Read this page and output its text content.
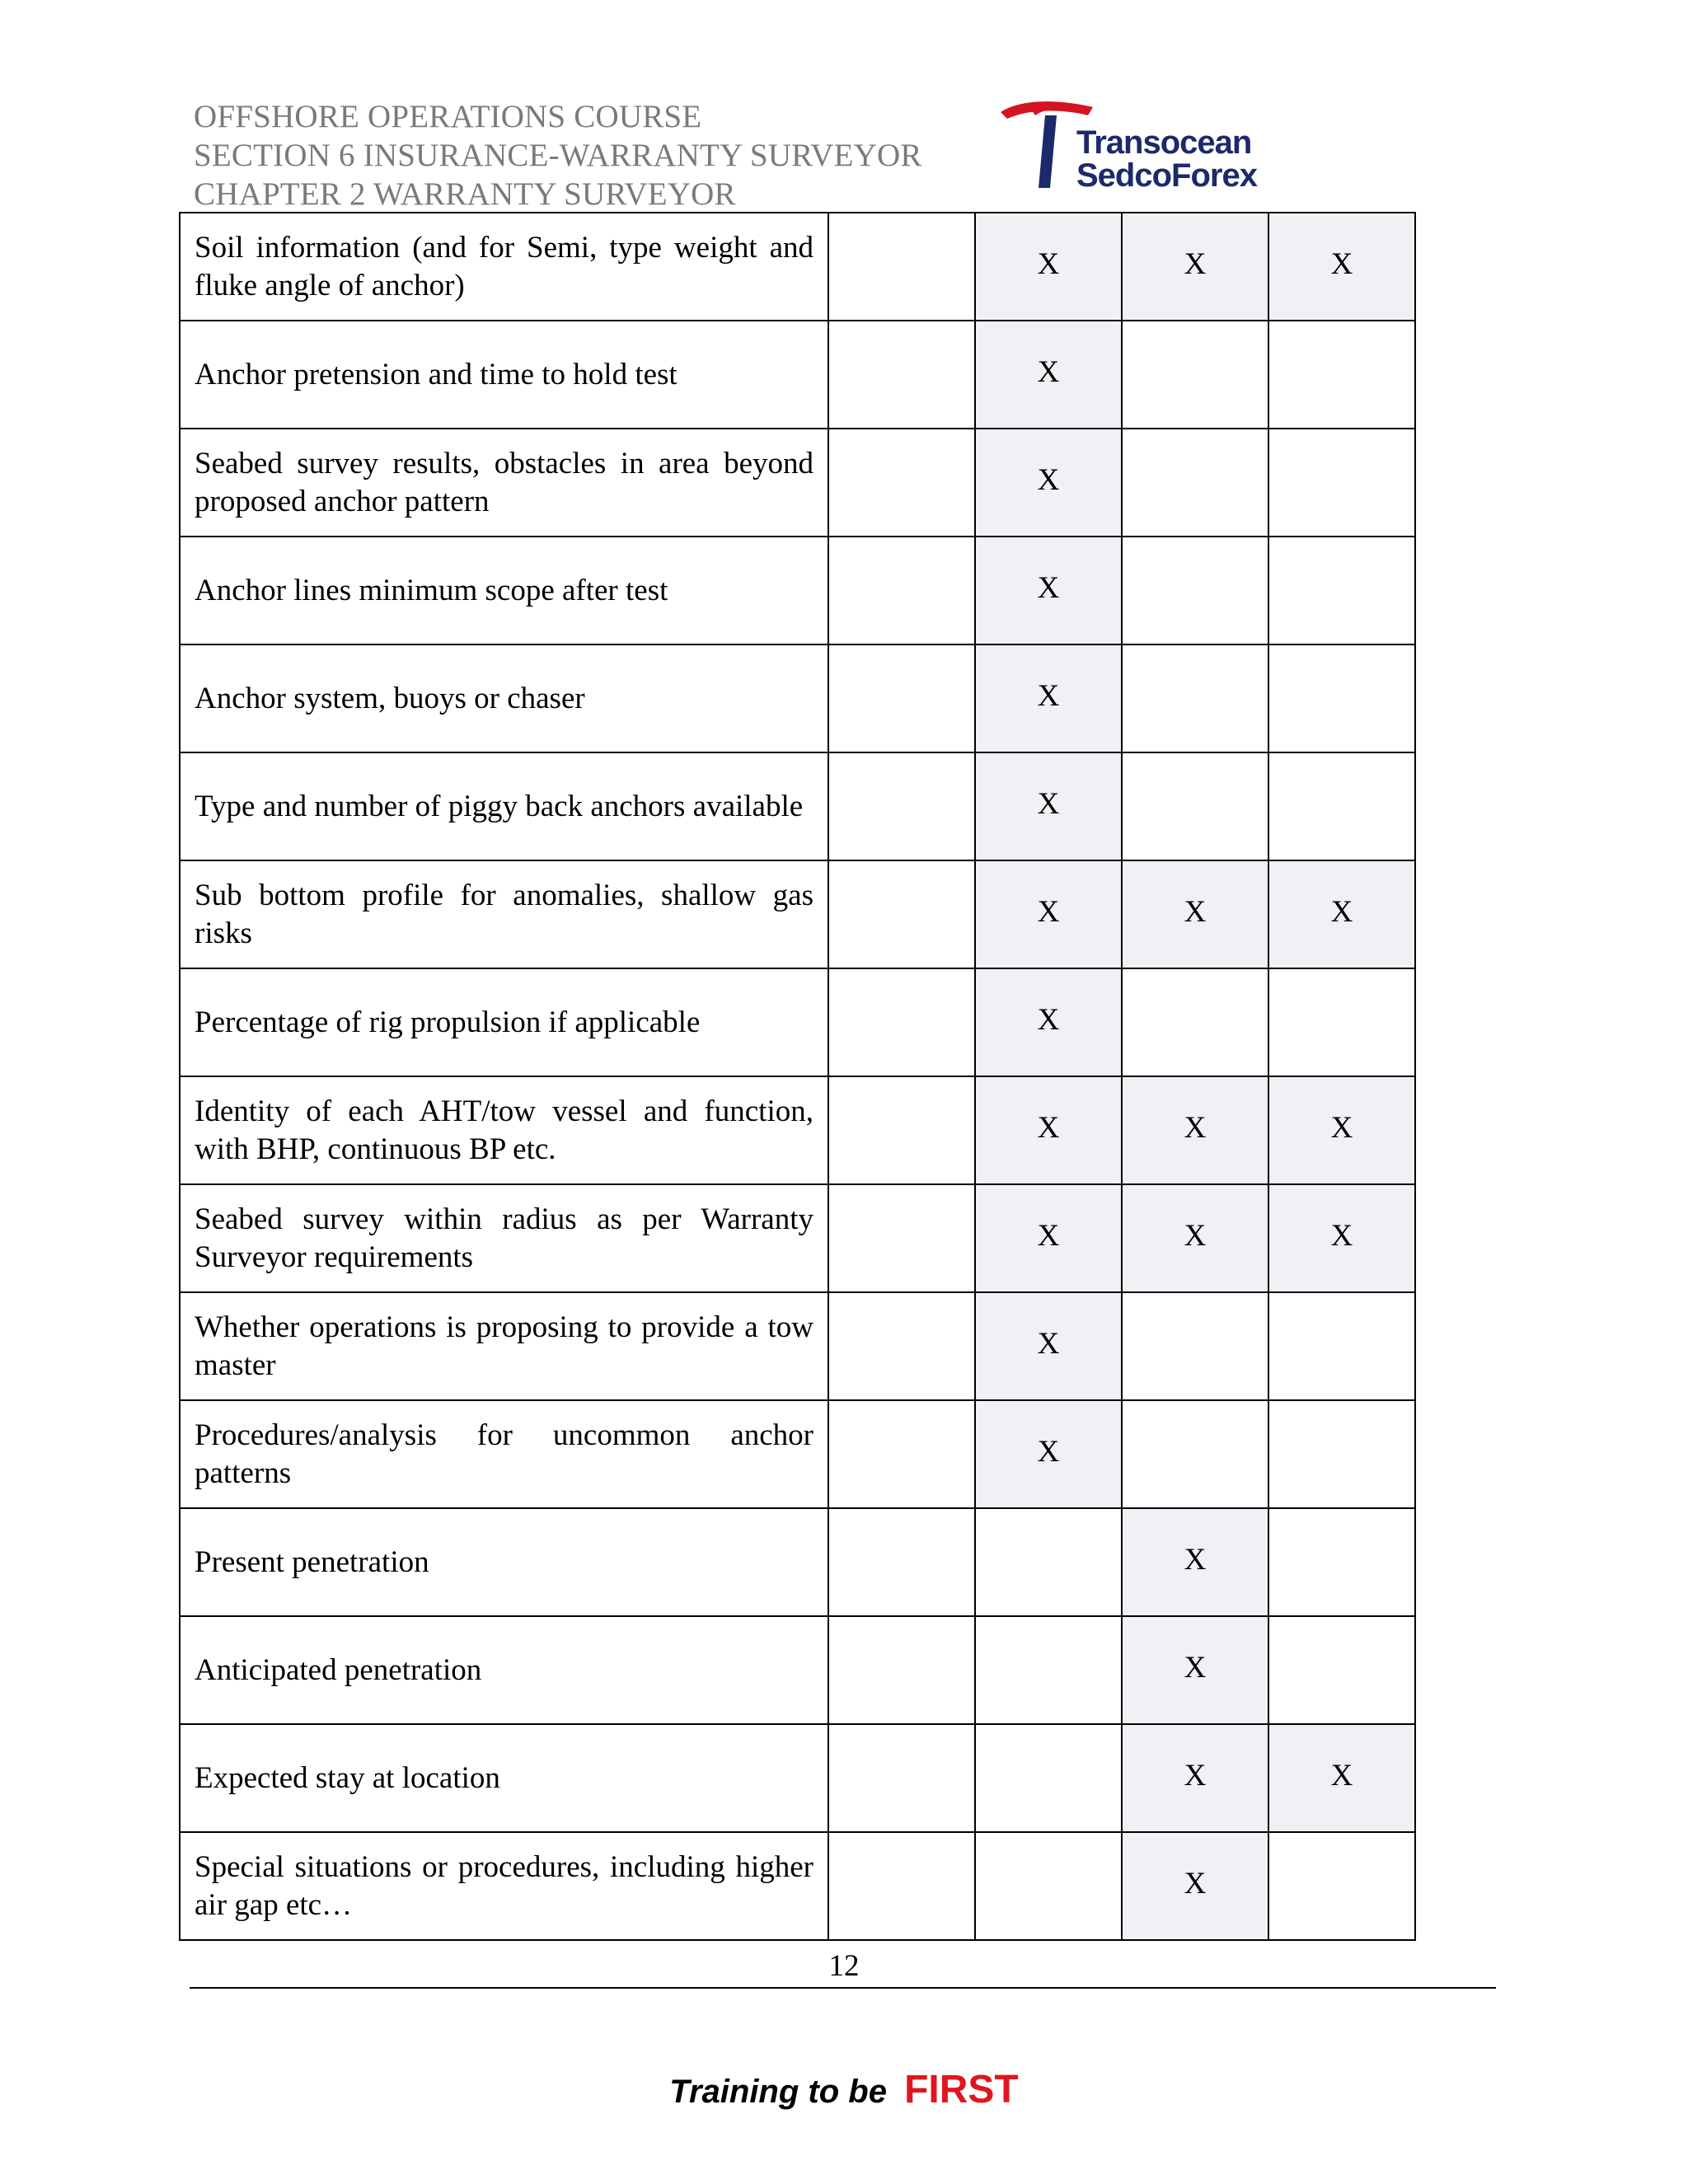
OFFSHORE OPERATIONS COURSE
SECTION 6 INSURANCE-WARRANTY SURVEYOR
CHAPTER 2 WARRANTY SURVEYOR
Transocean
SedcoForex
Soil information (and for Semi, type weight and fluke angle of anchor)		X	X	X
Anchor pretension and time to hold test		X		
Seabed survey results, obstacles in area beyond proposed anchor pattern		X		
Anchor lines minimum scope after test		X		
Anchor system, buoys or chaser		X		
Type and number of piggy back anchors available		X		
Sub bottom profile for anomalies, shallow gas risks		X	X	X
Percentage of rig propulsion if applicable		X		
Identity of each AHT/tow vessel and function, with BHP, continuous BP etc.		X	X	X
Seabed survey within radius as per Warranty Surveyor requirements		X	X	X
Whether operations is proposing to provide a tow master		X		
Procedures/analysis for uncommon anchor patterns		X		
Present penetration			X	
Anticipated penetration			X	
Expected stay at location			X	X
Special situations or procedures, including higher air gap etc…			X	
12
Training to be FIRST
